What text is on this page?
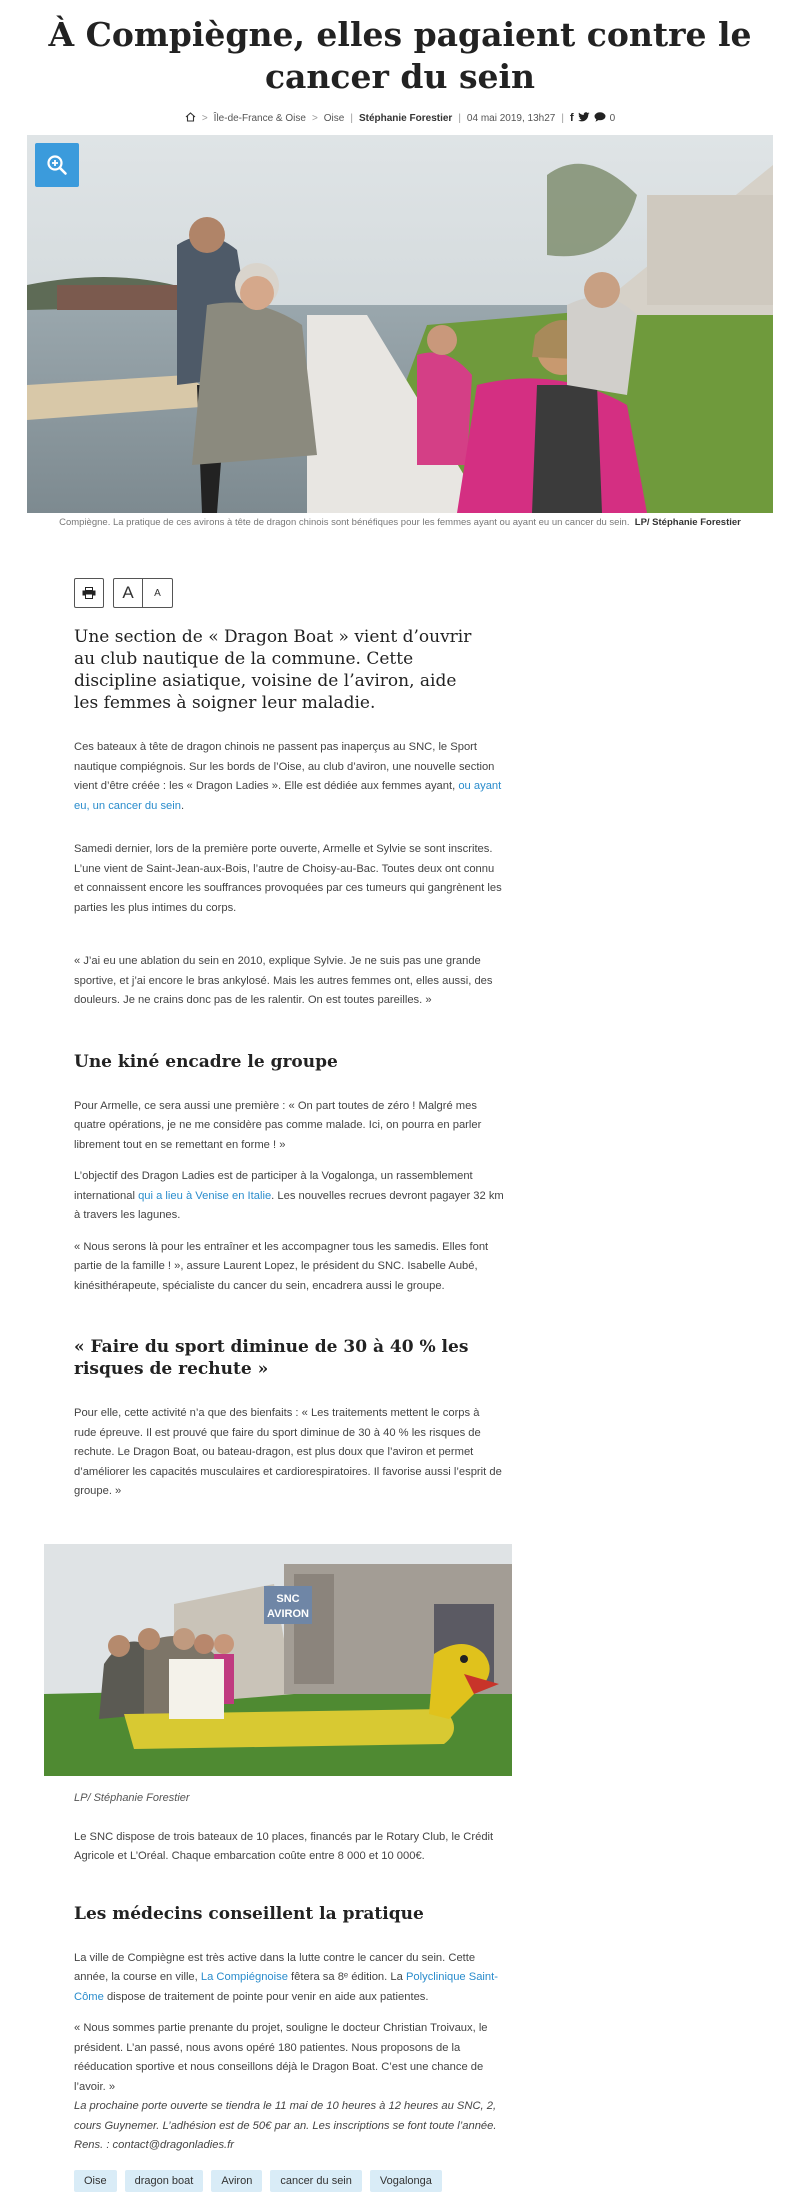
À Compiègne, elles pagaient contre le cancer du sein
> Île-de-France & Oise > Oise | Stéphanie Forestier | 04 mai 2019, 13h27 | f	0
Compiègne. La pratique de ces avirons à tête de dragon chinois sont bénéfiques pour les femmes ayant ou ayant eu un cancer du sein. LP/ Stéphanie Forestier
A	A

Une section de « Dragon Boat » vient d’ouvrir au club nautique de la commune. Cette discipline asiatique, voisine de l’aviron, aide les femmes à soigner leur maladie.

Ces bateaux à tête de dragon chinois ne passent pas inaperçus au SNC, le Sport nautique compiégnois. Sur les bords de l’Oise, au club d’aviron, une nouvelle section vient d’être créée : les « Dragon Ladies ». Elle est dédiée aux femmes ayant, ou ayant eu, un cancer du sein.

Samedi dernier, lors de la première porte ouverte, Armelle et Sylvie se sont inscrites. L’une vient de Saint-Jean-aux-Bois, l’autre de Choisy-au-Bac. Toutes deux ont connu et connaissent encore les souffrances provoquées par ces tumeurs qui gangrènent les parties les plus intimes du corps.

« J’ai eu une ablation du sein en 2010, explique Sylvie. Je ne suis pas une grande sportive, et j’ai encore le bras ankylosé. Mais les autres femmes ont, elles aussi, des douleurs. Je ne crains donc pas de les ralentir. On est toutes pareilles. »

Une kiné encadre le groupe

Pour Armelle, ce sera aussi une première : « On part toutes de zéro ! Malgré mes quatre opérations, je ne me considère pas comme malade. Ici, on pourra en parler librement tout en se remettant en forme ! »

L’objectif des Dragon Ladies est de participer à la Vogalonga, un rassemblement international qui a lieu à Venise en Italie. Les nouvelles recrues devront pagayer 32 km à travers les lagunes.

« Nous serons là pour les entraîner et les accompagner tous les samedis. Elles font partie de la famille ! », assure Laurent Lopez, le président du SNC. Isabelle Aubé, kinésithérapeute, spécialiste du cancer du sein, encadrera aussi le groupe.

« Faire du sport diminue de 30 à 40 % les risques de rechute »

Pour elle, cette activité n’a que des bienfaits : « Les traitements mettent le corps à rude épreuve. Il est prouvé que faire du sport diminue de 30 à 40 % les risques de rechute. Le Dragon Boat, ou bateau-dragon, est plus doux que l’aviron et permet d’améliorer les capacités musculaires et cardiorespiratoires. Il favorise aussi l’esprit de groupe. »

SNC
AVIRON

LP/ Stéphanie Forestier

Le SNC dispose de trois bateaux de 10 places, financés par le Rotary Club, le Crédit Agricole et L’Oréal. Chaque embarcation coûte entre 8 000 et 10 000€.

Les médecins conseillent la pratique

La ville de Compiègne est très active dans la lutte contre le cancer du sein. Cette année, la course en ville, La Compiégnoise fêtera sa 8ᵉ édition. La Polyclinique Saint-Côme dispose de traitement de pointe pour venir en aide aux patientes.

« Nous sommes partie prenante du projet, souligne le docteur Christian Troivaux, le président. L’an passé, nous avons opéré 180 patientes. Nous proposons de la rééducation sportive et nous conseillons déjà le Dragon Boat. C’est une chance de l’avoir. »

La prochaine porte ouverte se tiendra le 11 mai de 10 heures à 12 heures au SNC, 2, cours Guynemer. L’adhésion est de 50€ par an. Les inscriptions se font toute l’année. Rens. : contact@dragonladies.fr

Oise	dragon boat	Aviron	cancer du sein	Vogalonga
